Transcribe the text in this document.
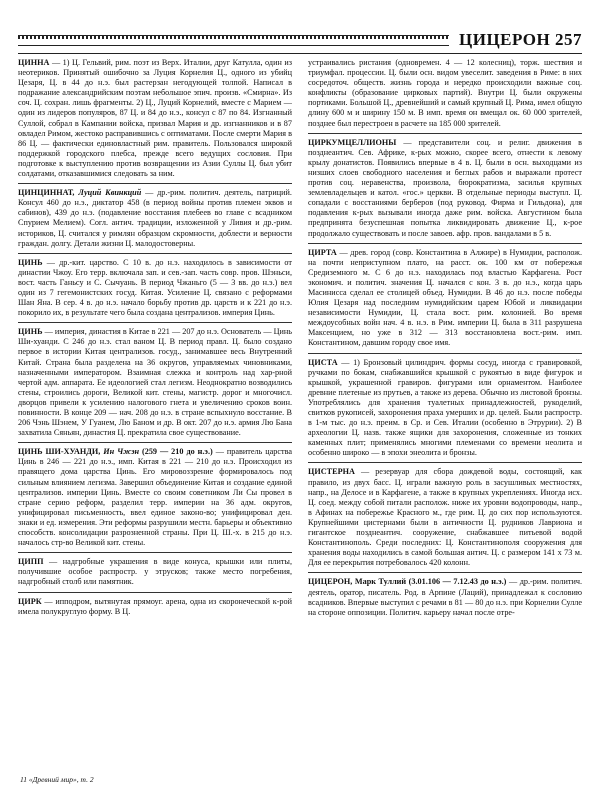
ЦИЦЕРОН 257

ЦИННА — 1) Ц. Гельвий, рим. поэт из Верх. Италии, друг Катулла, один из неотериков. Принятый ошибочно за Луция Корнелия Ц., одного из убийц Цезаря, Ц. в 44 до н.э. был растерзан негодующей толпой. Написал в подражание александрийским поэтам небольшое эпич. произв. «Смирна». Из соч. Ц. сохран. лишь фрагменты. 2) Ц., Луций Корнелий, вместе с Марием — один из лидеров популяров, 87 Ц. и 84 до н.э., консул с 87 по 84. Изгнанный Суллой, собрал в Кампании войска, призвал Мария и др. изгнанников и в 87 овладел Римом, жестоко расправившись с оптиматами. После смерти Мария в 86 Ц. — фактически единовластный рим. правитель. Пользовался широкой поддержкой городского плебса, прежде всего ведущих сословия. При подготовке к выступлению против возвращении из Азии Суллы Ц. был убит солдатами, отказавшимися следовать за ним.

ЦИНЦИННАТ, Луций Квинкций — др.-рим. политич. деятель, патриций. Консул 460 до н.э., диктатор 458 (в период войны против племен эквов и сабинов), 439 до н.э. (подавление восстания плебеев во главе с всадником Спурием Мелием). Согл. антич. традиции, изложенной у Ливия и др.-рим. историков, Ц. считался у римлян образцом скромности, доблести и верности граждан. долгу. Детали жизни Ц. малодостоверны.

ЦИНЬ — др.-кит. царство. С 10 в. до н.э. находилось в зависимости от династии Чжоу. Его терр. включала зап. и сев.-зап. часть совр. пров. Шэньси, вост. часть Ганьсу и С. Сычуань. В период Чжаньго (5 — 3 вв. до н.э.) вел один из 7 гегемонистских госуд. Китая. Усиление Ц. связано с реформами Шан Яна. В сер. 4 в. до н.э. начало борьбу против др. царств и к 221 до н.э. покорило их, в результате чего была создана централизов. империя Цинь.

ЦИНЬ — империя, династия в Китае в 221 — 207 до н.э. Основатель — Цинь Ши-хуанди. С 246 до н.э. стал ваном Ц. В период правл. Ц. было создано первое в истории Китая централизов. госуд., занимавшее весь Внутренний Китай. Страна была разделена на 36 округов, управляемых чиновниками, назначенными императором. Взаимная слежка и контроль над хар-рной чертой адм. аппарата. Ее идеологией стал легизм. Неоднократно возводились стены, строились дороги, Великой кит. стены, магистр. дорог и многочисл. дворцов привели к усилению налогового гнета и увеличению сроков воин. повинности. В конце 209 — нач. 208 до н.э. в стране вспыхнуло восстание. В 206 Чэнь Шэнем, У Гуанем, Лю Баном и др. В окт. 207 до н.э. армия Лю Бана захватила Сяньян, династия Ц. прекратила свое существование.

ЦИНЬ ШИ-ХУАНДИ, Ин Чжэн (259 — 210 до н.э.) — правитель царства Цинь в 246 — 221 до н.э., имп. Китая в 221 — 210 до н.э. Происходил из правящего дома царства Цинь. Его мировоззрение формировалось под сильным влиянием легизма. Завершил объединение Китая и создание единой централизов. империи Цинь. Вместе со своим советником Ли Сы провел в стране серию реформ, разделил терр. империи на 36 адм. округов, унифицировал письменность, ввел единое законо-во; унифицировал ден. знаки и ед. измерения. Эти реформы разрушили местн. барьеры и объективно способств. консолидации разрозненной страны. При Ц. Ш.-х. в 215 до н.э. началось стр-во Великой кит. стены.

ЦИПП — надгробные украшения в виде конуса, крышки или плиты, получившие особое распростр. у этрусков; также место погребения, надгробный столб или памятник.

ЦИРК — ипподром, вытянутая прямоуг. арена, одна из скоронеческой к-рой имела полукруглую форму. В Ц.

устраивались ристания (одновремен. 4 — 12 колесниц), торж. шествия и триумфал. процессии. Ц. были осн. видом увеселит. заведения в Риме: в них сосредоточ. обществ. жизнь города и нередко происходили важные соц. конфликты (образование цирковых партий). Внутри Ц. были окружены портиками. Большой Ц., древнейший и самый крупный Ц. Рима, имел общую длину 600 м и ширину 150 м. В имп. время он вмещал ок. 60 000 зрителей, позднее был перестроен в расчете на 185 000 зрителей.

ЦИРКУМЦЕЛЛИОНЫ — представители соц. и религ. движения в позднеантич. Сев. Африке, к-рых можно, скорее всего, отнести к левому крылу донатистов. Появились впервые в 4 в. Ц. были в осн. выходцами из низших слоев свободного населения и беглых рабов и выражали протест против соц. неравенства, произвола, бюрократизма, засилья крупных землевладельцев и катол. «гос.» церкви. В отдельные периоды выступл. Ц. сопадали с восстаниями берберов (под руковод. Фирма и Гильдона), для подавления к-рых вызывали иногда даже рим. войска. Августином была предпринята безуспешная попытка ликвидировать движение Ц., к-рое продолжало существовать и после завоев. афр. пров. вандалами в 5 в.

ЦИРТА — древ. город (совр. Константина в Алжире) в Нумидии, располож. на почти неприступном плато, на расст. ок. 100 км от побережья Средиземного м. С 6 до н.э. находилась под властью Карфагена. Рост экономич. и политич. значения Ц. начался с кон. 3 в. до н.э., когда царь Масинисса сделал ее столицей объед. Нумидии. В 46 до н.э. после победы Юлия Цезаря над последним нумидийским царем Юбой и ликвидации независимости Нумидии, Ц. стала вост. рим. колонией. Во время междоусобных войн нач. 4 в. н.э. в Рим. империи Ц. была в 311 разрушена Максенцием, но уже в 312 — 313 восстановлена вост.-рим. имп. Константином, давшим городу свое имя.

ЦИСТА — 1) Бронзовый цилиндрич. формы сосуд, иногда с гравировкой, ручками по бокам, снабжавшийся крышкой с рукоятью в виде фигурок и крышкой, украшенной гравиров. фигурами или орнаментом. Наиболее древние плетеные из прутьев, а также из дерева. Обычно из листовой бронзы. Употреблялись для хранения туалетных принадлежностей, рукоделий, свитков рукописей, захоронения праха умерших и др. целей. Были распростр. в 1-м тыс. до н.э. преим. в Ср. и Сев. Италии (особенно в Этрурии). 2) В археологии Ц. назв. также ящики для захоронения, сложенные из тонких каменных плит; применялись многими племенами со времени неолита и особенно широко — в эпохи энеолита и бронзы.

ЦИСТЕРНА — резервуар для сбора дождевой воды, состоящий, как правило, из двух басс. Ц. играли важную роль в засушливых местностях, напр., на Делосе и в Карфагене, а также в крупных укреплениях. Иногда исх. Ц. соед. между собой питали располож. ниже их уровни водопроводы, напр., в Афинах на побережье Красного м., где рим. Ц. до сих пор используются. Крупнейшими цистернами были в античности Ц. рудников Лавриона и гигантское позднеантич. сооружение, снабжавшее питьевой водой Константинополь. Среди последних: Ц. Константинополя сооружения для хранения воды находились в самой большая антич. Ц. с размером 141 х 73 м. Для ее перекрытия потребовалось 420 колонн.

ЦИЦЕРОН, Марк Туллий (3.01.106 — 7.12.43 до н.э.) — др.-рим. политич. деятель, оратор, писатель. Род. в Арпине (Лаций), принадлежал к сословию всадников. Впервые выступил с речами в 81 — 80 до н.э. при Корнелии Сулле на стороне оппозиции. Политич. карьеру начал после отре-

11 «Древний мир», т. 2
